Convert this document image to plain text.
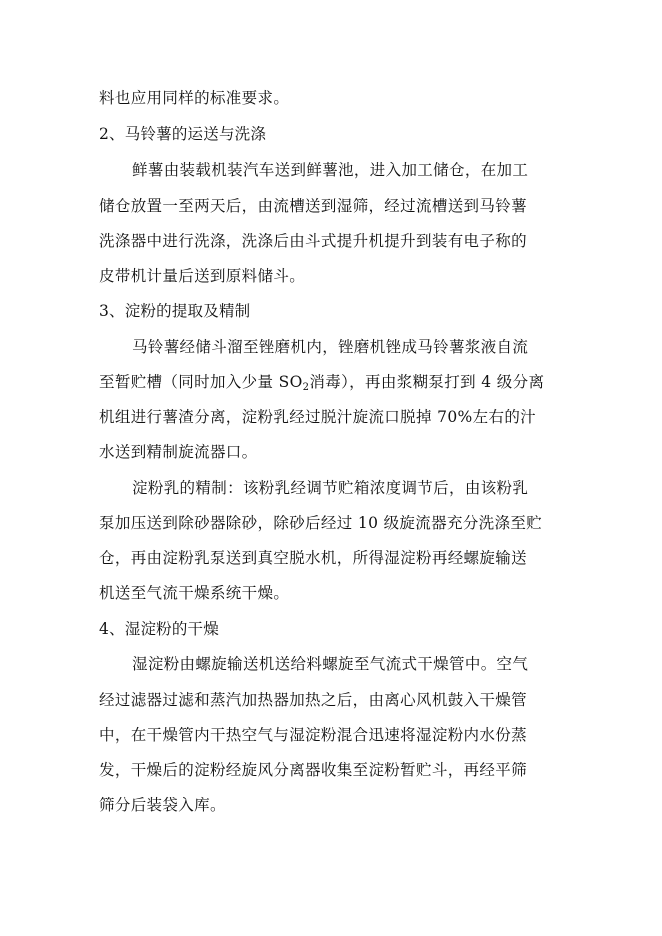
料也应用同样的标准要求。
2、马铃薯的运送与洗涤
鲜薯由装载机装汽车送到鲜薯池，进入加工储仓，在加工
储仓放置一至两天后，由流槽送到湿筛，经过流槽送到马铃薯
洗涤器中进行洗涤，洗涤后由斗式提升机提升到装有电子称的
皮带机计量后送到原料储斗。
3、淀粉的提取及精制
马铃薯经储斗溜至锉磨机内，锉磨机锉成马铃薯浆液自流
至暂贮槽（同时加入少量 $SO_2$消毒），再由浆糊泵打到 4 级分离
机组进行薯渣分离，淀粉乳经过脱汁旋流口脱掉 70%左右的汁
水送到精制旋流器口。
淀粉乳的精制：该粉乳经调节贮箱浓度调节后，由该粉乳
泵加压送到除砂器除砂，除砂后经过 10 级旋流器充分洗涤至贮
仓，再由淀粉乳泵送到真空脱水机，所得湿淀粉再经螺旋输送
机送至气流干燥系统干燥。
4、湿淀粉的干燥
湿淀粉由螺旋输送机送给料螺旋至气流式干燥管中。空气
经过滤器过滤和蒸汽加热器加热之后，由离心风机鼓入干燥管
中，在干燥管内干热空气与湿淀粉混合迅速将湿淀粉内水份蒸
发，干燥后的淀粉经旋风分离器收集至淀粉暂贮斗，再经平筛
筛分后装袋入库。
